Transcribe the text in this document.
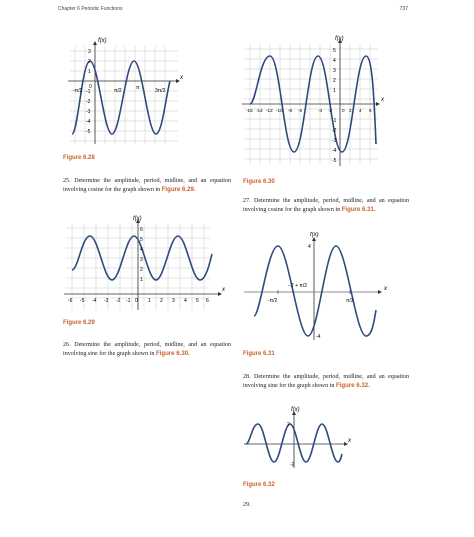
Chapter 6 Periodic Functions	737
f(x)
x
-π/2	π/2	π	3π/2
3
2
1
0
-1
-2
-3
-4
-5
Figure 6.28
f(x)
x
-16 -14 -12 -10 -8 -6	-4 -2 0 2 4 6
5
4
3
2
1
-1
-2
-3
-4
-5
Figure 6.30
25. Determine the amplitude, period, midline, and an equation involving cosine for the graph shown in Figure 6.29.
27. Determine the amplitude, period, midline, and an equation involving cosine for the graph shown in Figure 6.31.
f(x)
x
-6 -5 -4 -3 -2 -1 0 1 2 3 4 5 6
6
5
4
3
2
1
Figure 6.29
f(x)
x
-π/2	π/2
4
-4
−2 + π/2
Figure 6.31
26. Determine the amplitude, period, midline, and an equation involving sine for the graph shown in Figure 6.30.
28. Determine the amplitude, period, midline, and an equation involving sine for the graph shown in Figure 6.32.
f(x)
x
2
-2
Figure 6.32
29.
